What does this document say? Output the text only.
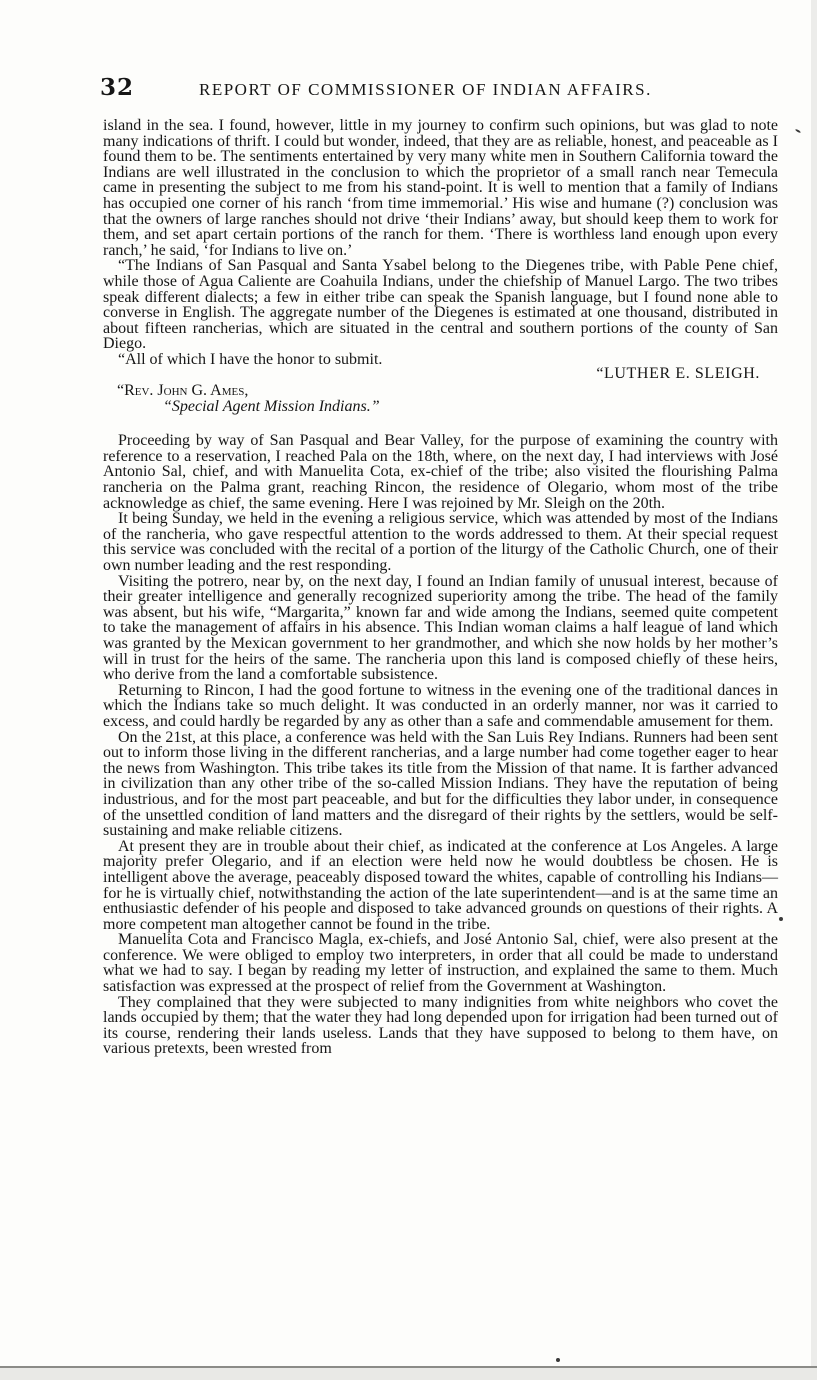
32	REPORT OF COMMISSIONER OF INDIAN AFFAIRS.

island in the sea. I found, however, little in my journey to confirm such opinions, but was glad to note many indications of thrift. I could but wonder, indeed, that they are as reliable, honest, and peaceable as I found them to be. The sentiments entertained by very many white men in Southern California toward the Indians are well illustrated in the conclusion to which the proprietor of a small ranch near Temecula came in presenting the subject to me from his stand-point. It is well to mention that a family of Indians has occupied one corner of his ranch ‘from time immemorial.’ His wise and humane (?) conclusion was that the owners of large ranches should not drive ‘their Indians’ away, but should keep them to work for them, and set apart certain portions of the ranch for them. ‘There is worthless land enough upon every ranch,’ he said, ‘for Indians to live on.’

“The Indians of San Pasqual and Santa Ysabel belong to the Diegenes tribe, with Pable Pene chief, while those of Agua Caliente are Coahuila Indians, under the chiefship of Manuel Largo. The two tribes speak different dialects; a few in either tribe can speak the Spanish language, but I found none able to converse in English. The aggregate number of the Diegenes is estimated at one thousand, distributed in about fifteen rancherias, which are situated in the central and southern portions of the county of San Diego.

“All of which I have the honor to submit.

“LUTHER E. SLEIGH.
“Rev. John G. Ames,
“Special Agent Mission Indians.”

Proceeding by way of San Pasqual and Bear Valley, for the purpose of examining the country with reference to a reservation, I reached Pala on the 18th, where, on the next day, I had interviews with José Antonio Sal, chief, and with Manuelita Cota, ex-chief of the tribe; also visited the flourishing Palma rancheria on the Palma grant, reaching Rincon, the residence of Olegario, whom most of the tribe acknowledge as chief, the same evening. Here I was rejoined by Mr. Sleigh on the 20th.

It being Sunday, we held in the evening a religious service, which was attended by most of the Indians of the rancheria, who gave respectful attention to the words addressed to them. At their special request this service was concluded with the recital of a portion of the liturgy of the Catholic Church, one of their own number leading and the rest responding.

Visiting the potrero, near by, on the next day, I found an Indian family of unusual interest, because of their greater intelligence and generally recognized superiority among the tribe. The head of the family was absent, but his wife, “Margarita,” known far and wide among the Indians, seemed quite competent to take the management of affairs in his absence. This Indian woman claims a half league of land which was granted by the Mexican government to her grandmother, and which she now holds by her mother’s will in trust for the heirs of the same. The rancheria upon this land is composed chiefly of these heirs, who derive from the land a comfortable subsistence.

Returning to Rincon, I had the good fortune to witness in the evening one of the traditional dances in which the Indians take so much delight. It was conducted in an orderly manner, nor was it carried to excess, and could hardly be regarded by any as other than a safe and commendable amusement for them.

On the 21st, at this place, a conference was held with the San Luis Rey Indians. Runners had been sent out to inform those living in the different rancherias, and a large number had come together eager to hear the news from Washington. This tribe takes its title from the Mission of that name. It is farther advanced in civilization than any other tribe of the so-called Mission Indians. They have the reputation of being industrious, and for the most part peaceable, and but for the difficulties they labor under, in consequence of the unsettled condition of land matters and the disregard of their rights by the settlers, would be self-sustaining and make reliable citizens.

At present they are in trouble about their chief, as indicated at the conference at Los Angeles. A large majority prefer Olegario, and if an election were held now he would doubtless be chosen. He is intelligent above the average, peaceably disposed toward the whites, capable of controlling his Indians—for he is virtually chief, notwithstanding the action of the late superintendent—and is at the same time an enthusiastic defender of his people and disposed to take advanced grounds on questions of their rights. A more competent man altogether cannot be found in the tribe.

Manuelita Cota and Francisco Magla, ex-chiefs, and José Antonio Sal, chief, were also present at the conference. We were obliged to employ two interpreters, in order that all could be made to understand what we had to say. I began by reading my letter of instruction, and explained the same to them. Much satisfaction was expressed at the prospect of relief from the Government at Washington.

They complained that they were subjected to many indignities from white neighbors who covet the lands occupied by them; that the water they had long depended upon for irrigation had been turned out of its course, rendering their lands useless. Lands that they have supposed to belong to them have, on various pretexts, been wrested from
